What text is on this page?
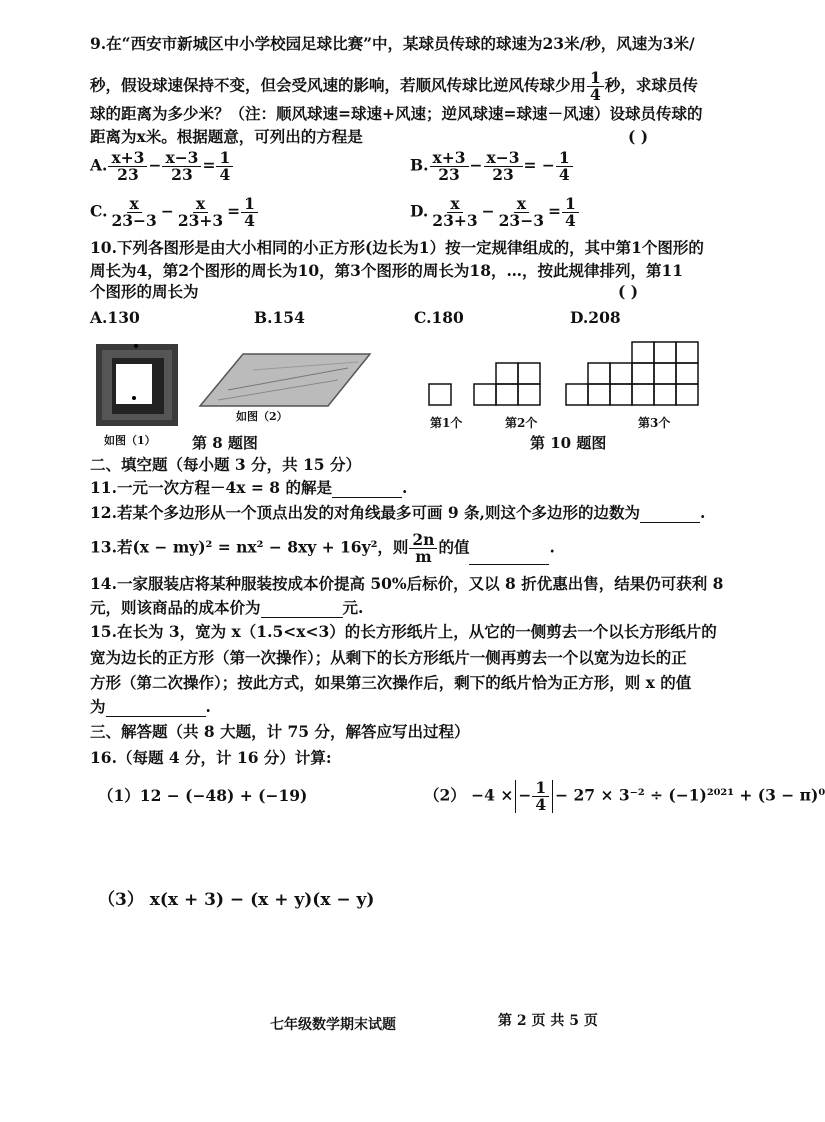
9.在“西安市新城区中小学校园足球比赛”中，某球员传球的球速为23米/秒，风速为3米/
秒，假设球速保持不变，但会受风速的影响，若顺风传球比逆风传球少用 $\frac{1}{4}$ 秒，求球员传
球的距离为多少米？（注：顺风球速=球速+风速；逆风球速=球速－风速）设球员传球的
距离为x米。根据题意，可列出的方程是	( )
A. $\frac{x+3}{23} - \frac{x-3}{23} = \frac{1}{4}$	B. $\frac{x+3}{23} - \frac{x-3}{23}$ = − $\frac{1}{4}$
C. $\frac{x}{23-3} - \frac{x}{23+3} = \frac{1}{4}$	D. $\frac{x}{23+3} - \frac{x}{23-3} = \frac{1}{4}$
10.下列各图形是由大小相同的小正方形(边长为1）按一定规律组成的，其中第1个图形的
周长为4，第2个图形的周长为10，第3个图形的周长为18，…，按此规律排列，第11
个图形的周长为	( )
A.130	B.154	C.180	D.208
如图（1）
如图（2）
第 8 题图
第1个	第2个	第3个
第 10 题图
二、填空题（每小题 3 分，共 15 分）
11.一元一次方程－4x = 8 的解是	.
12.若某个多边形从一个顶点出发的对角线最多可画 9 条,则这个多边形的边数为	.
13.若(x − my)² = nx² − 8xy + 16y²，则 $\frac{2n}{m}$ 的值	.
14.一家服装店将某种服装按成本价提高 50%后标价，又以 8 折优惠出售，结果仍可获利 8
元，则该商品的成本价为	元.
15.在长为 3，宽为 x（1.5<x<3）的长方形纸片上，从它的一侧剪去一个以长方形纸片的
宽为边长的正方形（第一次操作）；从剩下的长方形纸片一侧再剪去一个以宽为边长的正
方形（第二次操作）；按此方式，如果第三次操作后，剩下的纸片恰为正方形，则 x 的值
为	.
三、解答题（共 8 大题，计 75 分，解答应写出过程）
16.（每题 4 分，计 16 分）计算:
（1）12 − (−48) + (−19)	（2） −4 × − $\frac{1}{4} - 27 \times 3^{-2} \div (-1)^{2021} + (3 - \pi)^0$
（3） x(x + 3) − (x + y)(x − y)
七年级数学期末试题	第 2 页 共 5 页
